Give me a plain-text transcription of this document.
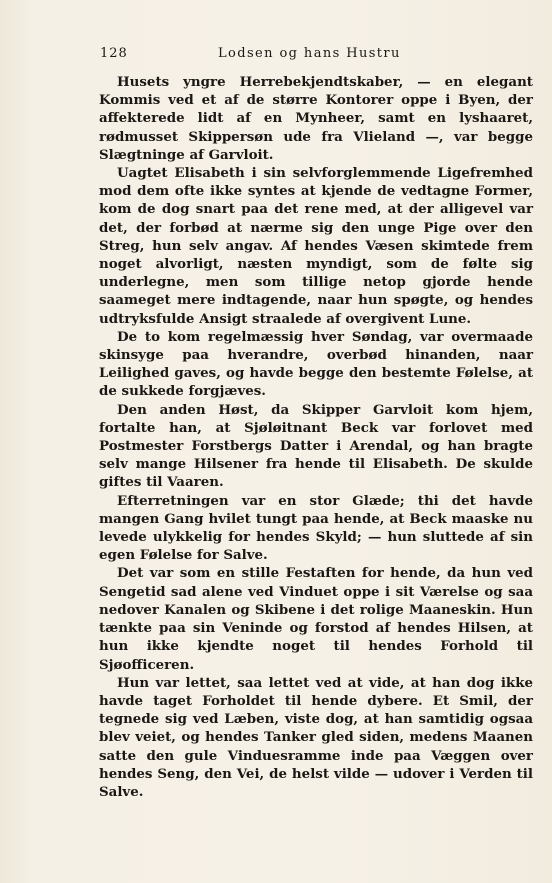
128	Lodsen og hans Hustru

Husets yngre Herrebekjendtskaber, — en elegant Kommis ved et af de større Kontorer oppe i Byen, der affekterede lidt af en Mynheer, samt en lyshaaret, rødmusset Skippersøn ude fra Vlieland —, var begge Slægtninge af Garvloit.

Uagtet Elisabeth i sin selvforglemmende Ligefremhed mod dem ofte ikke syntes at kjende de vedtagne Former, kom de dog snart paa det rene med, at der alligevel var det, der forbød at nærme sig den unge Pige over den Streg, hun selv angav. Af hendes Væsen skimtede frem noget alvorligt, næsten myndigt, som de følte sig underlegne, men som tillige netop gjorde hende saameget mere indtagende, naar hun spøgte, og hendes udtryksfulde Ansigt straalede af overgivent Lune.

De to kom regelmæssig hver Søndag, var overmaade skinsyge paa hverandre, overbød hinanden, naar Leilighed gaves, og havde begge den bestemte Følelse, at de sukkede forgjæves.

Den anden Høst, da Skipper Garvloit kom hjem, fortalte han, at Sjøløitnant Beck var forlovet med Postmester Forstbergs Datter i Arendal, og han bragte selv mange Hilsener fra hende til Elisabeth. De skulde giftes til Vaaren.

Efterretningen var en stor Glæde; thi det havde mangen Gang hvilet tungt paa hende, at Beck maaske nu levede ulykkelig for hendes Skyld; — hun sluttede af sin egen Følelse for Salve.

Det var som en stille Festaften for hende, da hun ved Sengetid sad alene ved Vinduet oppe i sit Værelse og saa nedover Kanalen og Skibene i det rolige Maaneskin. Hun tænkte paa sin Veninde og forstod af hendes Hilsen, at hun ikke kjendte noget til hendes Forhold til Sjøofficeren.

Hun var lettet, saa lettet ved at vide, at han dog ikke havde taget Forholdet til hende dybere. Et Smil, der tegnede sig ved Læben, viste dog, at han samtidig ogsaa blev veiet, og hendes Tanker gled siden, medens Maanen satte den gule Vinduesramme inde paa Væggen over hendes Seng, den Vei, de helst vilde — udover i Verden til Salve.
